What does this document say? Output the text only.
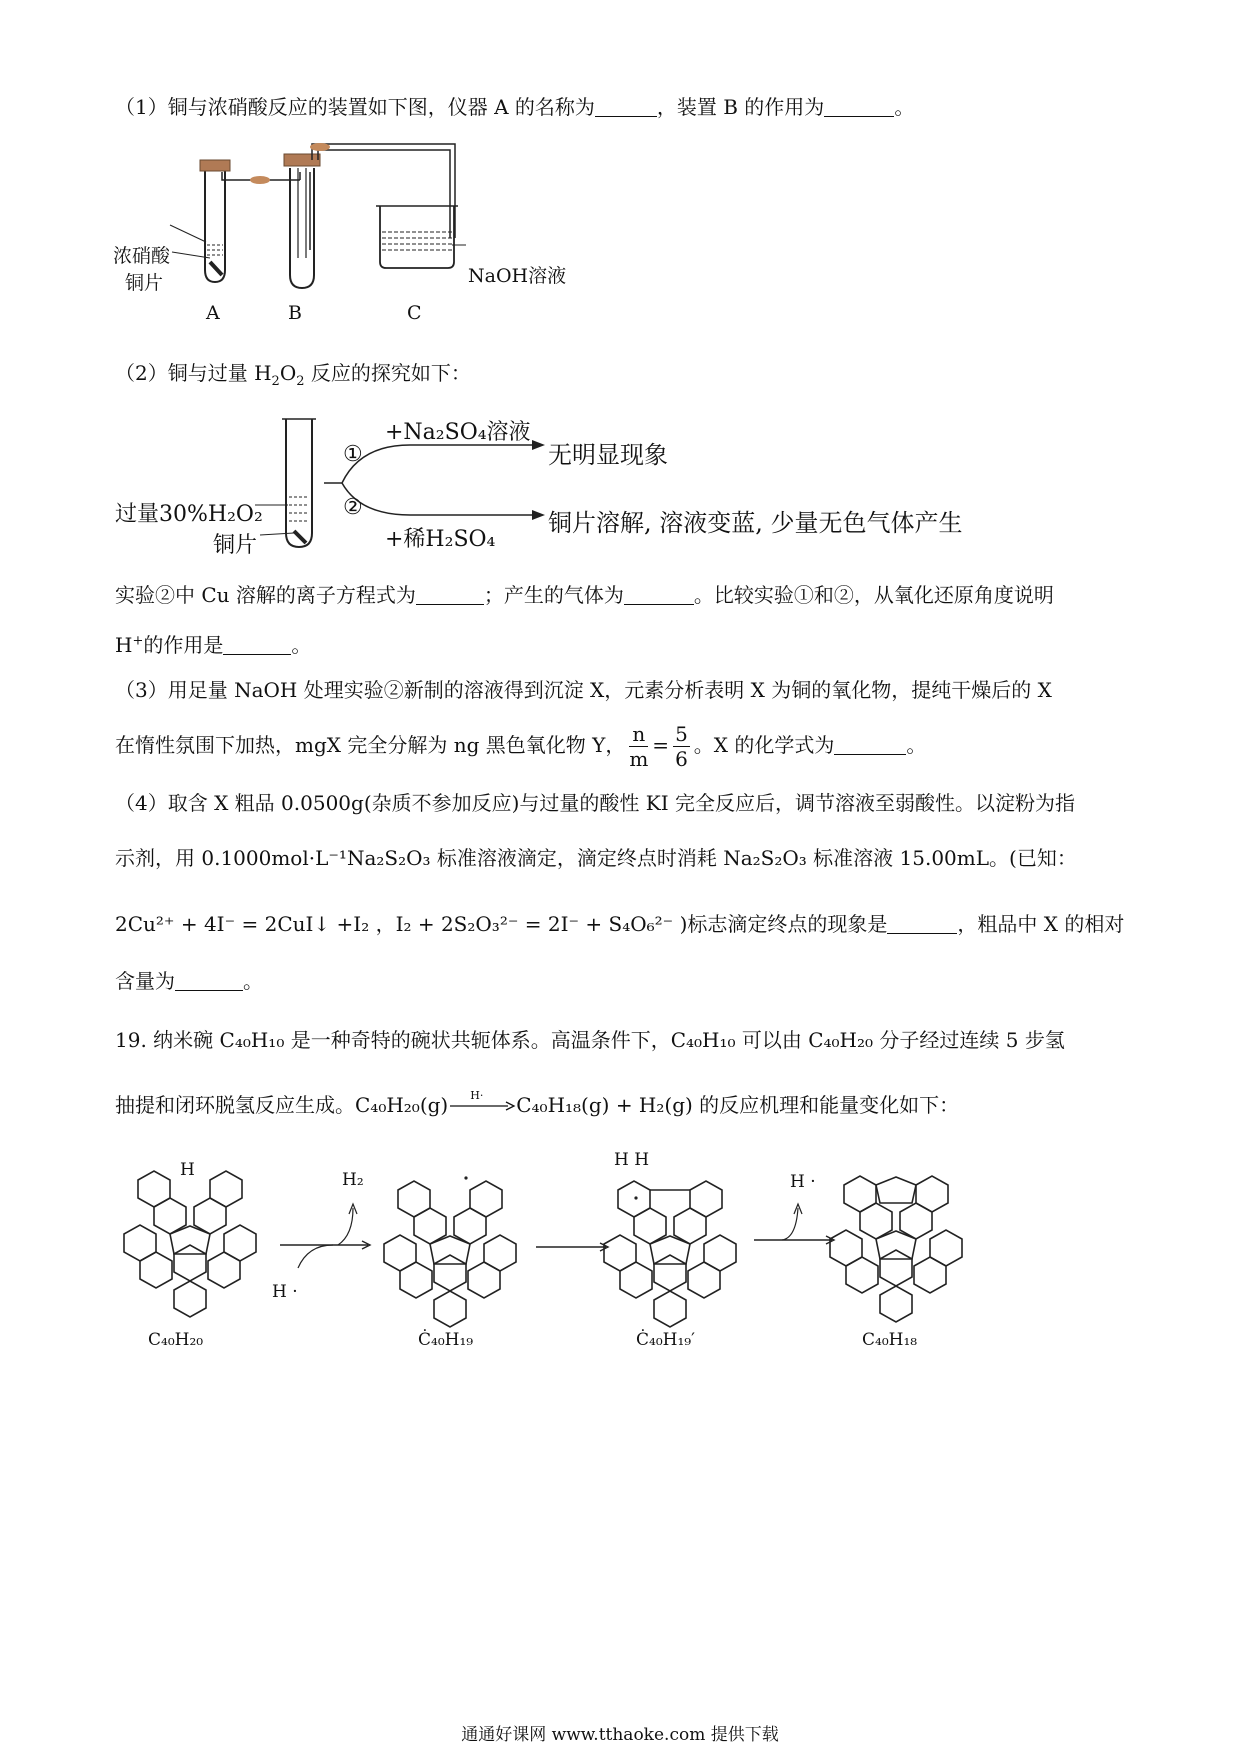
（1）铜与浓硝酸反应的装置如下图，仪器 A 的名称为	，装置 B 的作用为	。
浓硝酸
铜片	NaOH溶液
A	B	C
（2）铜与过量 $H_2O_2$ 反应的探究如下：
+Na₂SO₄溶液
①
②
+稀H₂SO₄
无明显现象
铜片溶解, 溶液变蓝, 少量无色气体产生
过量30%H₂O₂
铜片
实验②中 Cu 溶解的离子方程式为	；产生的气体为	。比较实验①和②，从氧化还原角度说明
H+的作用是	。
（3）用足量 NaOH 处理实验②新制的溶液得到沉淀 X，元素分析表明 X 为铜的氧化物，提纯干燥后的 X
在惰性氛围下加热，mgX 完全分解为 ng 黑色氧化物 Y， $\frac{n}{m} = \frac{5}{6}$ 。X 的化学式为	。
（4）取含 X 粗品 0.0500g(杂质不参加反应)与过量的酸性 KI 完全反应后，调节溶液至弱酸性。以淀粉为指
示剂，用 0.1000mol·L⁻¹Na₂S₂O₃ 标准溶液滴定，滴定终点时消耗 Na₂S₂O₃ 标准溶液 15.00mL。(已知：
2Cu²⁺ + 4I⁻ = 2CuI↓ +I₂ ，I₂ + 2S₂O₃²⁻ = 2I⁻ + S₄O₆²⁻ )标志滴定终点的现象是	，粗品中 X 的相对
含量为	。
19. 纳米碗 C₄₀H₁₀ 是一种奇特的碗状共轭体系。高温条件下，C₄₀H₁₀ 可以由 C₄₀H₂₀ 分子经过连续 5 步氢
抽提和闭环脱氢反应生成。C₄₀H₂₀(g) H· C₄₀H₁₈(g) + H₂(g) 的反应机理和能量变化如下：
H
C₄₀H₂₀
H₂
H ·
Ċ₄₀H₁₉
H H
Ċ₄₀H₁₉′
H ·
C₄₀H₁₈
通通好课网 www.tthaoke.com 提供下载
